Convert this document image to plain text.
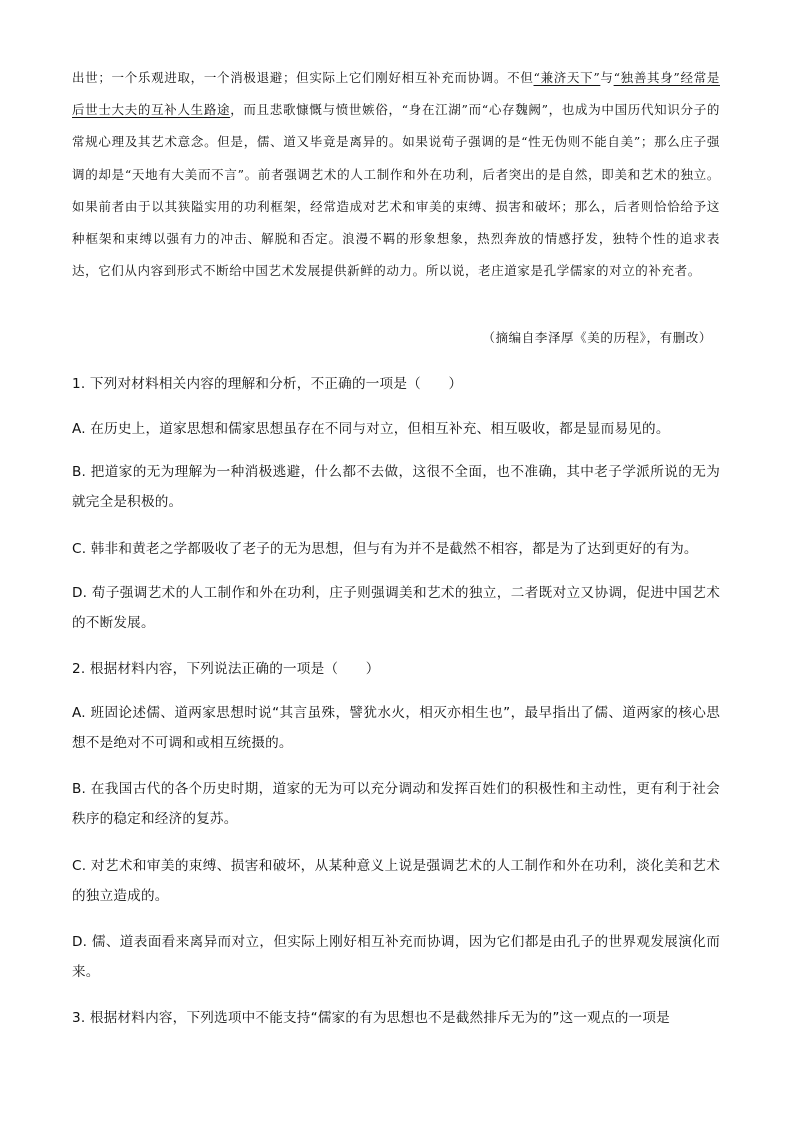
出世；一个乐观进取，一个消极退避；但实际上它们刚好相互补充而协调。不但“兼济天下”与“独善其身”经常是后世士大夫的互补人生路途，而且悲歌慷慨与愤世嫉俗，“身在江湖”而“心存魏阙”，也成为中国历代知识分子的常规心理及其艺术意念。但是，儒、道又毕竟是离异的。如果说荀子强调的是“性无伪则不能自美”；那么庄子强调的却是“天地有大美而不言”。前者强调艺术的人工制作和外在功利，后者突出的是自然，即美和艺术的独立。如果前者由于以其狭隘实用的功利框架，经常造成对艺术和审美的束缚、损害和破坏；那么，后者则恰恰给予这种框架和束缚以强有力的冲击、解脱和否定。浪漫不羁的形象想象，热烈奔放的情感抒发，独特个性的追求表达，它们从内容到形式不断给中国艺术发展提供新鲜的动力。所以说，老庄道家是孔学儒家的对立的补充者。
（摘编自李泽厚《美的历程》，有删改）
1. 下列对材料相关内容的理解和分析，不正确的一项是（　　）
A. 在历史上，道家思想和儒家思想虽存在不同与对立，但相互补充、相互吸收，都是显而易见的。
B. 把道家的无为理解为一种消极逃避，什么都不去做，这很不全面，也不准确，其中老子学派所说的无为就完全是积极的。
C. 韩非和黄老之学都吸收了老子的无为思想，但与有为并不是截然不相容，都是为了达到更好的有为。
D. 荀子强调艺术的人工制作和外在功利，庄子则强调美和艺术的独立，二者既对立又协调，促进中国艺术的不断发展。
2. 根据材料内容，下列说法正确的一项是（　　）
A. 班固论述儒、道两家思想时说“其言虽殊，譬犹水火，相灭亦相生也”，最早指出了儒、道两家的核心思想不是绝对不可调和或相互统摄的。
B. 在我国古代的各个历史时期，道家的无为可以充分调动和发挥百姓们的积极性和主动性，更有利于社会秩序的稳定和经济的复苏。
C. 对艺术和审美的束缚、损害和破坏，从某种意义上说是强调艺术的人工制作和外在功利，淡化美和艺术的独立造成的。
D. 儒、道表面看来离异而对立，但实际上刚好相互补充而协调，因为它们都是由孔子的世界观发展演化而来。
3. 根据材料内容，下列选项中不能支持“儒家的有为思想也不是截然排斥无为的”这一观点的一项是
